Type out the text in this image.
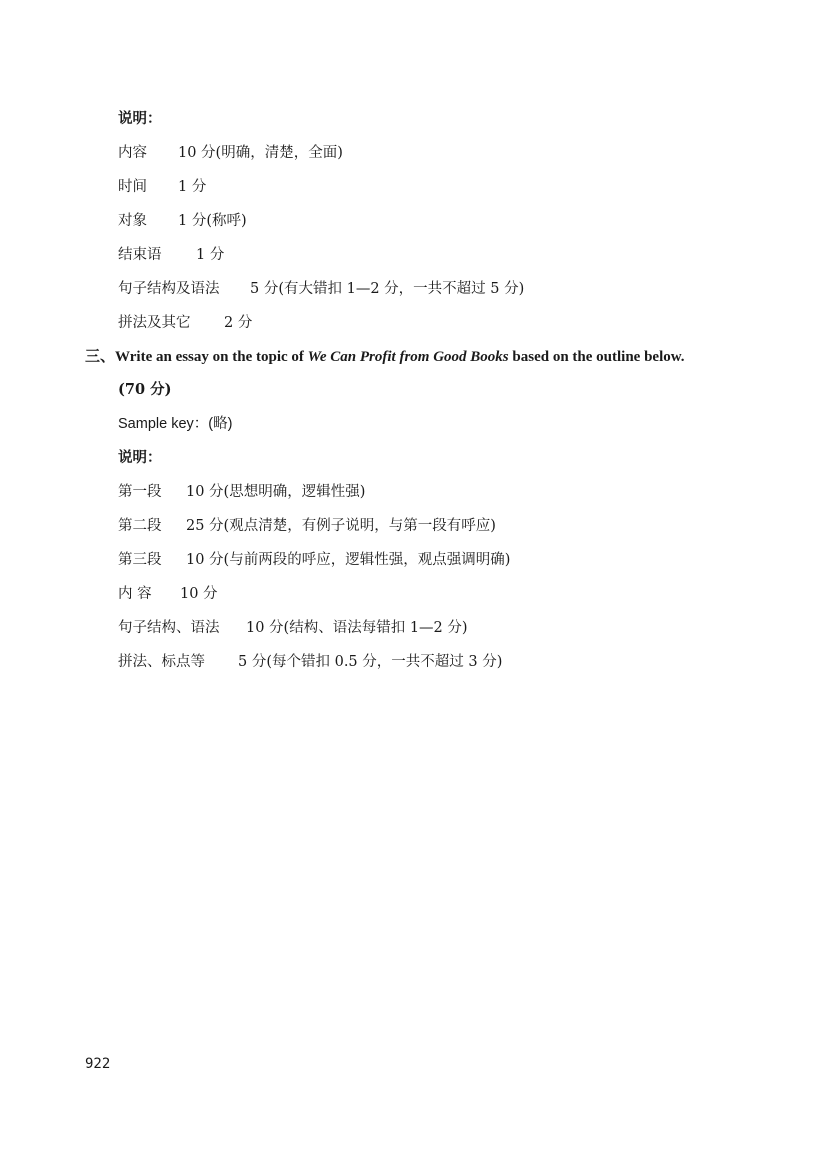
说明：
内容 10 分(明确，清楚，全面)
时间 1 分
对象 1 分(称呼)
结束语 1 分
句子结构及语法 5 分(有大错扣 1—2 分，一共不超过 5 分)
拼法及其它 2 分
三、Write an essay on the topic of We Can Profit from Good Books based on the outline below.
(70 分)
Sample key：(略)
说明：
第一段 10 分(思想明确，逻辑性强)
第二段 25 分(观点清楚，有例子说明，与第一段有呼应)
第三段 10 分(与前两段的呼应，逻辑性强，观点强调明确)
内 容 10 分
句子结构、语法 10 分(结构、语法每错扣 1—2 分)
拼法、标点等 5 分(每个错扣 0.5 分，一共不超过 3 分)
922
